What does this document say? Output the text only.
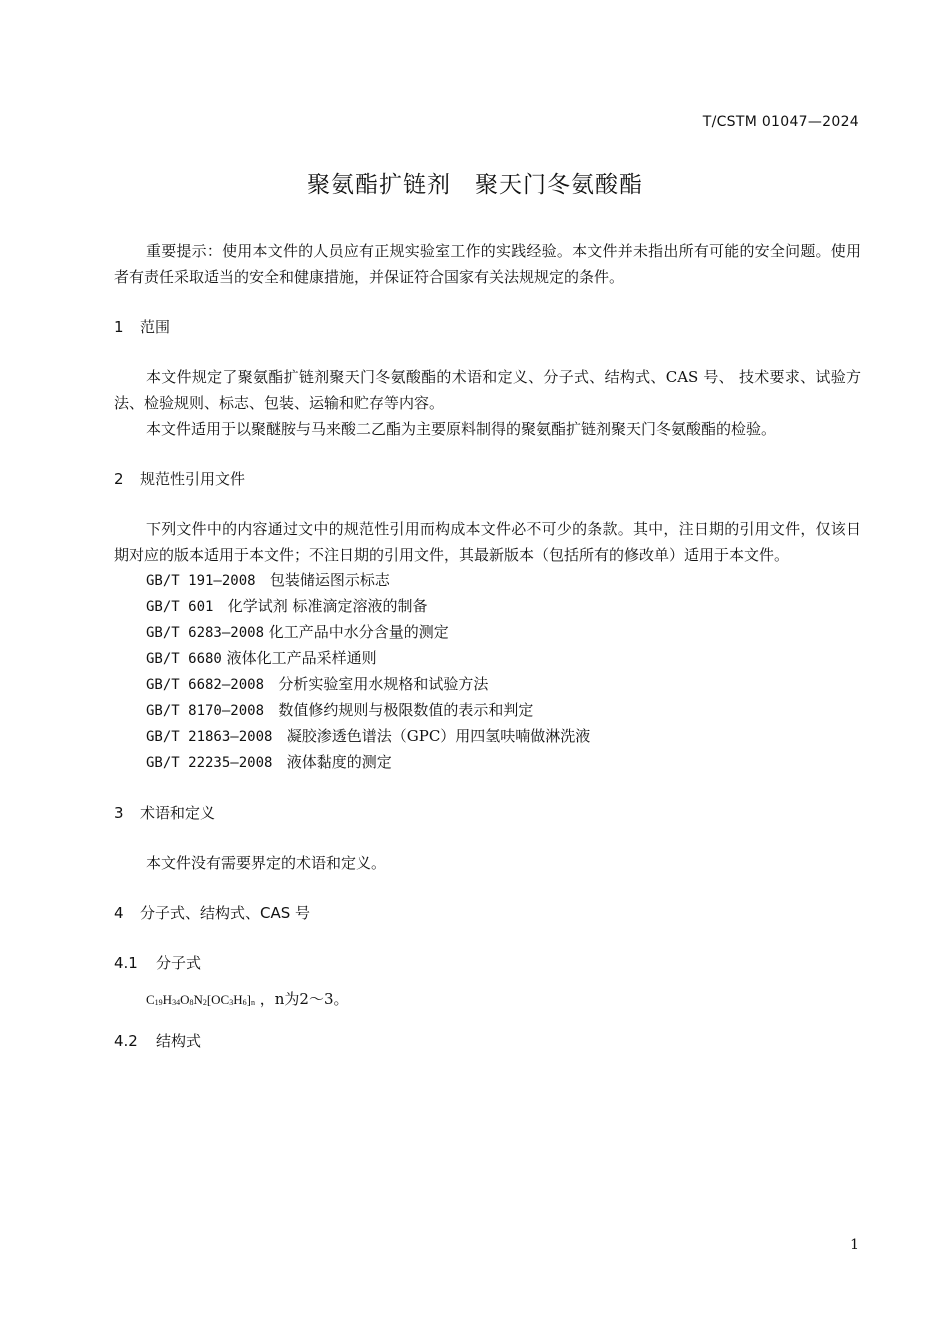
T/CSTM 01047—2024
聚氨酯扩链剂　聚天门冬氨酸酯

重要提示：使用本文件的人员应有正规实验室工作的实践经验。本文件并未指出所有可能的安全问题。使用者有责任采取适当的安全和健康措施，并保证符合国家有关法规规定的条件。

1 范围

本文件规定了聚氨酯扩链剂聚天门冬氨酸酯的术语和定义、分子式、结构式、CAS 号、 技术要求、试验方法、检验规则、标志、包装、运输和贮存等内容。

本文件适用于以聚醚胺与马来酸二乙酯为主要原料制得的聚氨酯扩链剂聚天门冬氨酸酯的检验。

2 规范性引用文件

下列文件中的内容通过文中的规范性引用而构成本文件必不可少的条款。其中，注日期的引用文件，仅该日期对应的版本适用于本文件；不注日期的引用文件，其最新版本（包括所有的修改单）适用于本文件。

GB/T 191—2008 包装储运图示标志

GB/T 601 化学试剂 标准滴定溶液的制备

GB/T 6283—2008 化工产品中水分含量的测定

GB/T 6680 液体化工产品采样通则

GB/T 6682—2008 分析实验室用水规格和试验方法

GB/T 8170—2008 数值修约规则与极限数值的表示和判定

GB/T 21863—2008 凝胶渗透色谱法（GPC）用四氢呋喃做淋洗液

GB/T 22235—2008 液体黏度的测定

3 术语和定义

本文件没有需要界定的术语和定义。

4 分子式、结构式、CAS 号

4.1 分子式

$C_{19}H_{34}O_8N_2[OC_3H_6]_n$ ，n为2～3。

4.2 结构式

1
